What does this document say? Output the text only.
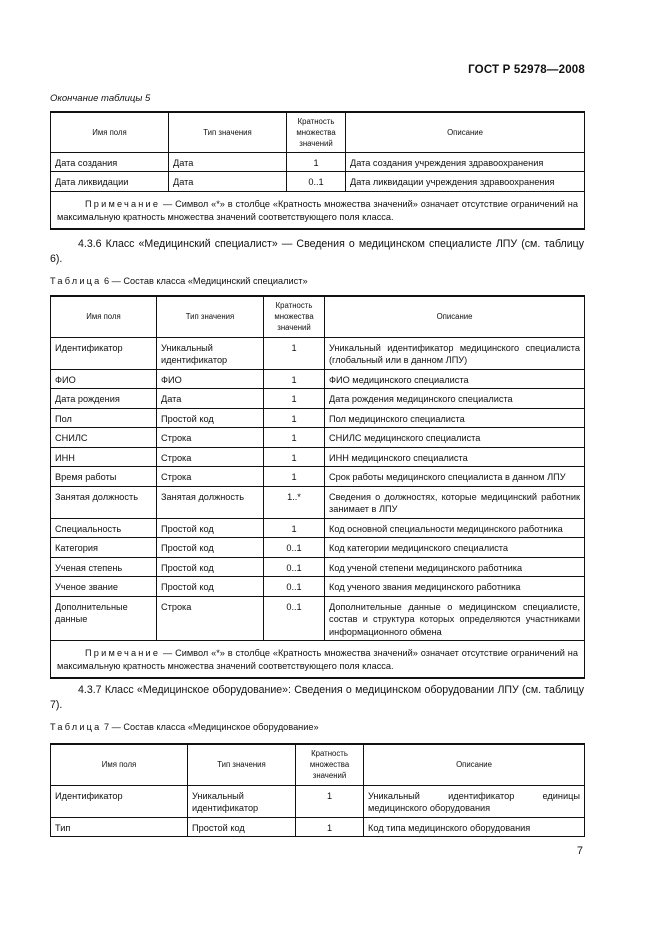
ГОСТ Р 52978—2008
Окончание таблицы 5
Имя поля	Тип значения	Кратность множества значений	Описание
Дата создания	Дата	1	Дата создания учреждения здравоохранения
Дата ликвидации	Дата	0..1	Дата ликвидации учреждения здравоохранения
Примечание — Символ «*» в столбце «Кратность множества значений» означает отсутствие ограничений на максимальную кратность множества значений соответствующего поля класса.			
4.3.6 Класс «Медицинский специалист» — Сведения о медицинском специалисте ЛПУ (см. таблицу 6).
Таблица 6 — Состав класса «Медицинский специалист»
Имя поля	Тип значения	Кратность множества значений	Описание
Идентификатор	Уникальный идентификатор	1	Уникальный идентификатор медицинского специалиста (глобальный или в данном ЛПУ)
ФИО	ФИО	1	ФИО медицинского специалиста
Дата рождения	Дата	1	Дата рождения медицинского специалиста
Пол	Простой код	1	Пол медицинского специалиста
СНИЛС	Строка	1	СНИЛС медицинского специалиста
ИНН	Строка	1	ИНН медицинского специалиста
Время работы	Строка	1	Срок работы медицинского специалиста в данном ЛПУ
Занятая должность	Занятая должность	1..*	Сведения о должностях, которые медицинский работник занимает в ЛПУ
Специальность	Простой код	1	Код основной специальности медицинского работника
Категория	Простой код	0..1	Код категории медицинского специалиста
Ученая степень	Простой код	0..1	Код ученой степени медицинского работника
Ученое звание	Простой код	0..1	Код ученого звания медицинского работника
Дополнительные данные	Строка	0..1	Дополнительные данные о медицинском специалисте, состав и структура которых определяются участниками информационного обмена
Примечание — Символ «*» в столбце «Кратность множества значений» означает отсутствие ограничений на максимальную кратность множества значений соответствующего поля класса.			
4.3.7 Класс «Медицинское оборудование»: Сведения о медицинском оборудовании ЛПУ (см. таблицу 7).
Таблица 7 — Состав класса «Медицинское оборудование»
Имя поля	Тип значения	Кратность множества значений	Описание
Идентификатор	Уникальный идентификатор	1	Уникальный идентификатор единицы медицинского оборудования
Тип	Простой код	1	Код типа медицинского оборудования
7
